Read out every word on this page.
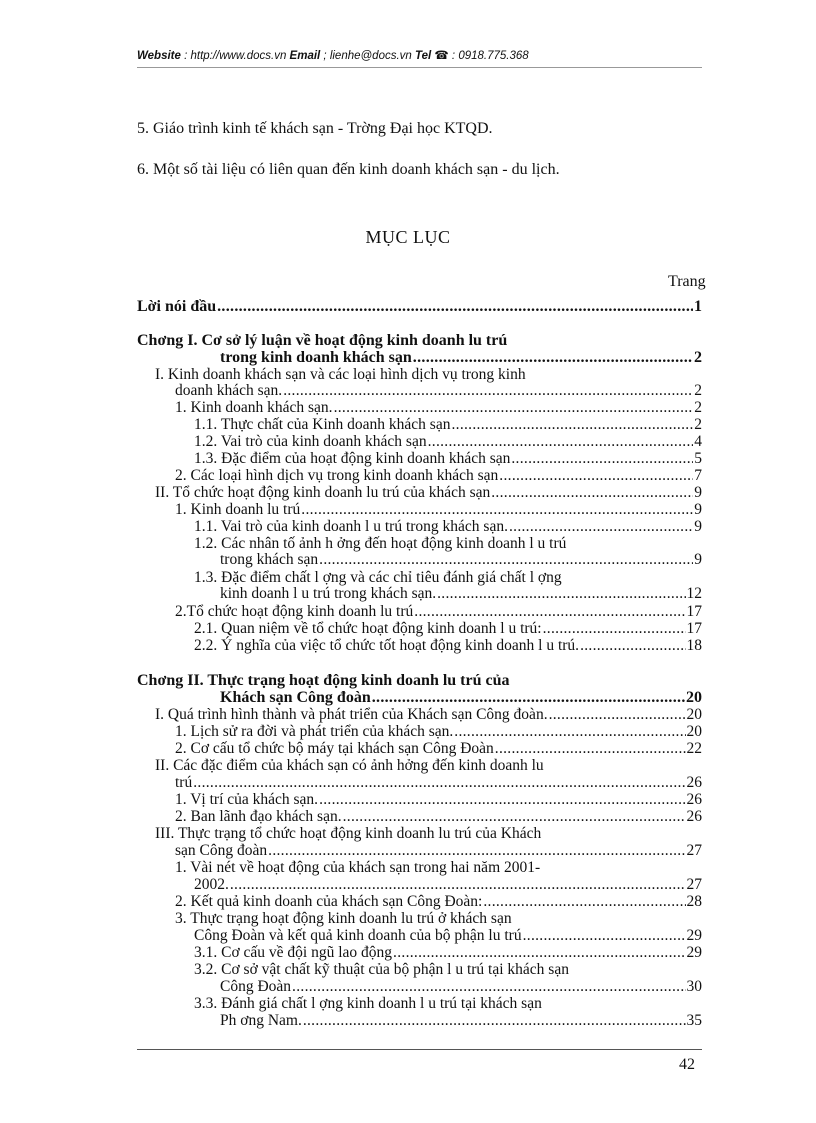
Website : http://www.docs.vn Email ; lienhe@docs.vn Tel ☎ : 0918.775.368
5. Giáo trình kinh tế khách sạn - Trờng Đại học KTQD.
6. Một số tài liệu có liên quan đến kinh doanh khách sạn - du lịch.
MỤC LỤC
Trang
Lời nói đầu .....	1
Chơng I. Cơ sở lý luận về hoạt động kinh doanh lu trú
trong kinh doanh khách sạn .....	2
I. Kinh doanh khách sạn và các loại hình dịch vụ trong kinh
doanh khách sạn. .....	2
1. Kinh doanh khách sạn. .....	2
1.1. Thực chất của Kinh doanh khách sạn .....	2
1.2. Vai trò của kinh doanh khách sạn .....	4
1.3. Đặc điểm của hoạt động kinh doanh khách sạn .....	5
2. Các loại hình dịch vụ trong kinh doanh khách sạn .....	7
II. Tổ chức hoạt động kinh doanh lu trú của khách sạn .....	9
1. Kinh doanh lu trú .....	9
1.1. Vai trò của kinh doanh l u trú trong khách sạn. .....	9
1.2. Các nhân tố ảnh h ởng đến hoạt động kinh doanh l u trú
trong khách sạn .....	9
1.3. Đặc điểm chất l ợng và các chỉ tiêu đánh giá chất l ợng
kinh doanh l u trú trong khách sạn. .....	12
2.Tổ chức hoạt động kinh doanh lu trú .....	17
2.1. Quan niệm về tổ chức hoạt động kinh doanh l u trú: .....	17
2.2. Ý nghĩa của việc tổ chức tốt hoạt động kinh doanh l u trú. .....	18
Chơng II. Thực trạng hoạt động kinh doanh lu trú của
Khách sạn Công đoàn .....	20
I. Quá trình hình thành và phát triển của Khách sạn Công đoàn. .....	20
1. Lịch sử ra đời và phát triển của khách sạn. .....	20
2. Cơ cấu tổ chức bộ máy tại khách sạn Công Đoàn .....	22
II. Các đặc điểm của khách sạn có ảnh hởng đến kinh doanh lu
trú .....	26
1. Vị trí của khách sạn. .....	26
2. Ban lãnh đạo khách sạn. .....	26
III. Thực trạng tổ chức hoạt động kinh doanh lu trú của Khách
sạn Công đoàn .....	27
1. Vài nét về hoạt động của khách sạn trong hai năm 2001-
2002. .....	27
2. Kết quả kinh doanh của khách sạn Công Đoàn: .....	28
3. Thực trạng hoạt động kinh doanh lu trú ở khách sạn
Công Đoàn và kết quả kinh doanh của bộ phận lu trú .....	29
3.1. Cơ cấu về đội ngũ lao động .....	29
3.2. Cơ sở vật chất kỹ thuật của bộ phận l u trú tại khách sạn
Công Đoàn .....	30
3.3. Đánh giá chất l ợng kinh doanh l u trú tại khách sạn
Ph ơng Nam. .....	35
42
